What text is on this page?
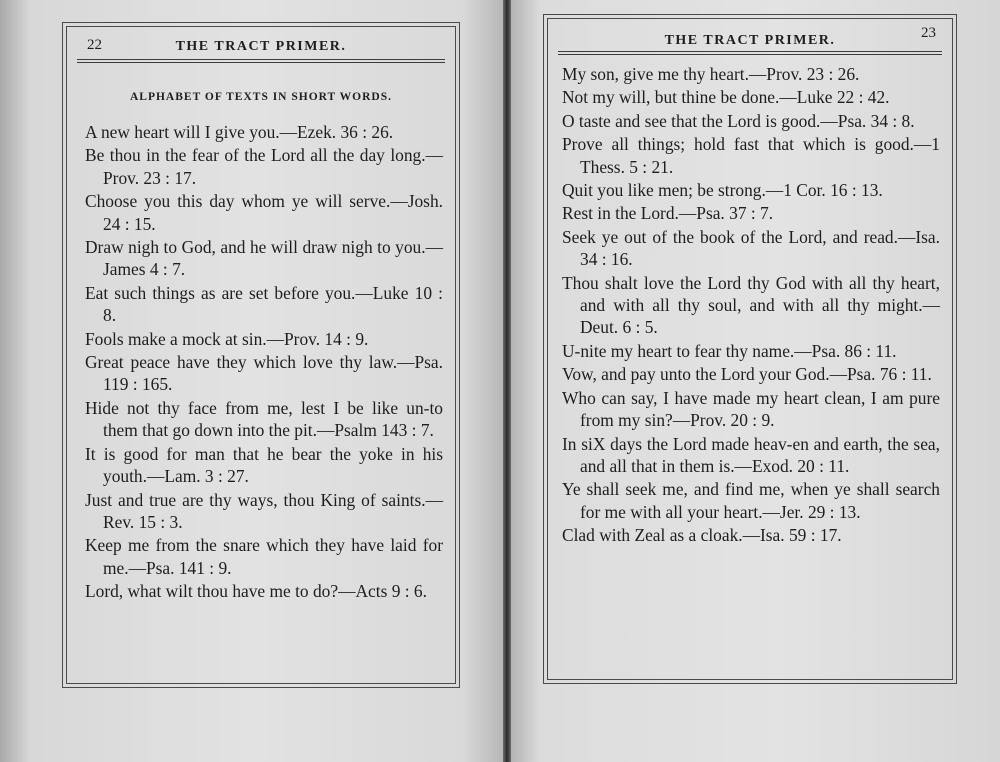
22	THE TRACT PRIMER.
ALPHABET OF TEXTS IN SHORT WORDS.
A new heart will I give you.—Ezek. 36 : 26.
Be thou in the fear of the Lord all the day long.—Prov. 23 : 17.
Choose you this day whom ye will serve.—Josh. 24 : 15.
Draw nigh to God, and he will draw nigh to you.—James 4 : 7.
Eat such things as are set before you.—Luke 10 : 8.
Fools make a mock at sin.—Prov. 14 : 9.
Great peace have they which love thy law.—Psa. 119 : 165.
Hide not thy face from me, lest I be like un-to them that go down into the pit.—Psalm 143 : 7.
It is good for man that he bear the yoke in his youth.—Lam. 3 : 27.
Just and true are thy ways, thou King of saints.—Rev. 15 : 3.
Keep me from the snare which they have laid for me.—Psa. 141 : 9.
Lord, what wilt thou have me to do?—Acts 9 : 6.
THE TRACT PRIMER.	23
My son, give me thy heart.—Prov. 23 : 26.
Not my will, but thine be done.—Luke 22 : 42.
O taste and see that the Lord is good.—Psa. 34 : 8.
Prove all things; hold fast that which is good.—1 Thess. 5 : 21.
Quit you like men; be strong.—1 Cor. 16 : 13.
Rest in the Lord.—Psa. 37 : 7.
Seek ye out of the book of the Lord, and read.—Isa. 34 : 16.
Thou shalt love the Lord thy God with all thy heart, and with all thy soul, and with all thy might.—Deut. 6 : 5.
U-nite my heart to fear thy name.—Psa. 86 : 11.
Vow, and pay unto the Lord your God.—Psa. 76 : 11.
Who can say, I have made my heart clean, I am pure from my sin?—Prov. 20 : 9.
In siX days the Lord made heav-en and earth, the sea, and all that in them is.—Exod. 20 : 11.
Ye shall seek me, and find me, when ye shall search for me with all your heart.—Jer. 29 : 13.
Clad with Zeal as a cloak.—Isa. 59 : 17.
